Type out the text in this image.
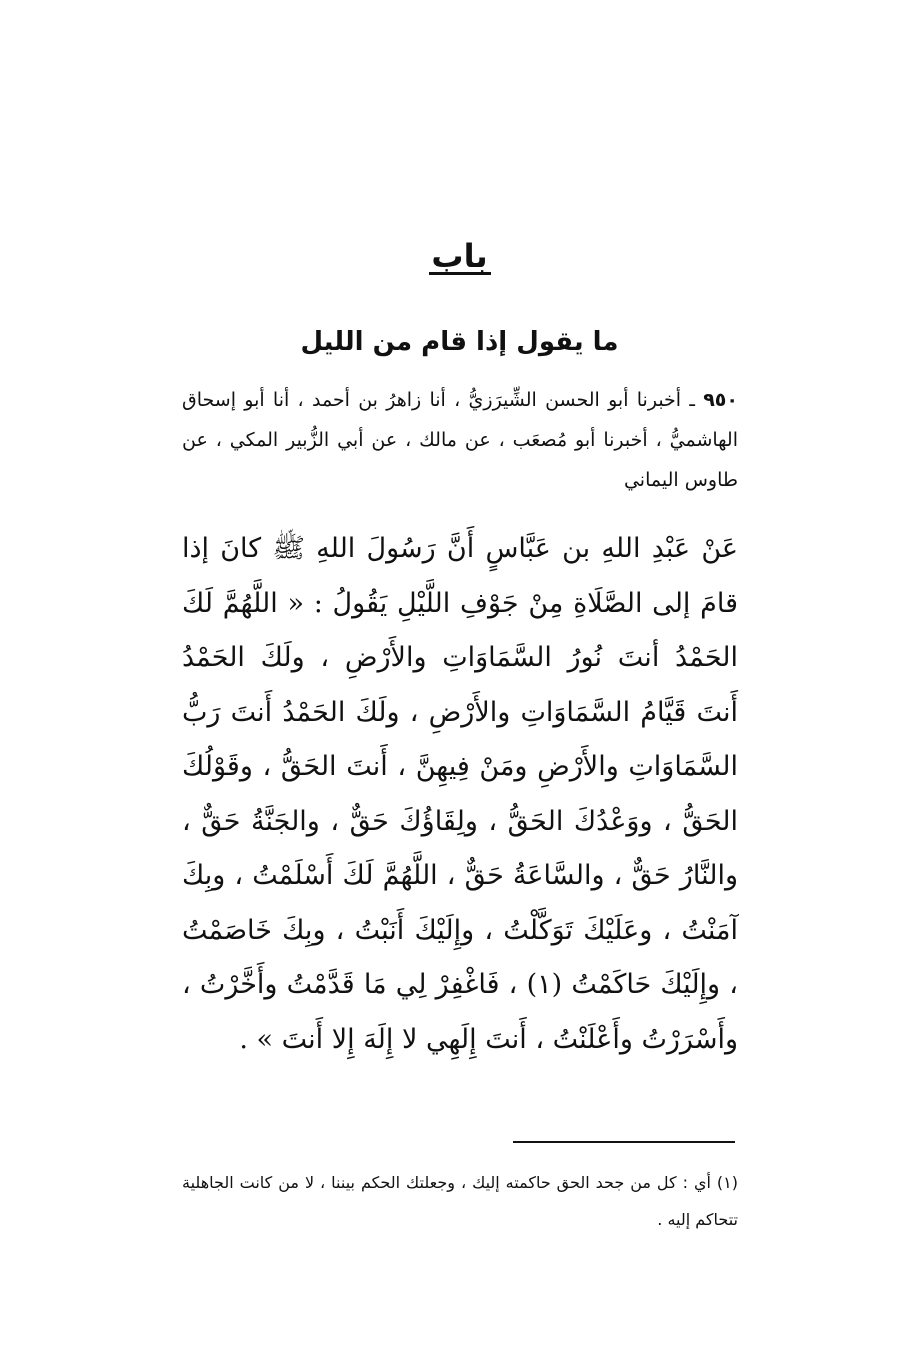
باب
ما يقول إذا قام من الليل
٩٥٠ ـ أخبرنا أبو الحسن الشِّيرَزيُّ ، أنا زاهرُ بن أحمد ، أنا أبو إسحاق الهاشميُّ ، أخبرنا أبو مُصعَب ، عن مالك ، عن أبي الزُّبير المكي ، عن طاوس اليماني
عَنْ عَبْدِ اللهِ بن عَبَّاسٍ أَنَّ رَسُولَ اللهِ ﷺ كانَ إذا قامَ إلى الصَّلَاةِ مِنْ جَوْفِ اللَّيْلِ يَقُولُ : « اللَّهُمَّ لَكَ الحَمْدُ أنتَ نُورُ السَّمَاوَاتِ والأَرْضِ ، ولَكَ الحَمْدُ أَنتَ قَيَّامُ السَّمَاوَاتِ والأَرْضِ ، ولَكَ الحَمْدُ أَنتَ رَبُّ السَّمَاوَاتِ والأَرْضِ ومَنْ فِيهِنَّ ، أَنتَ الحَقُّ ، وقَوْلُكَ الحَقُّ ، ووَعْدُكَ الحَقُّ ، ولِقَاؤُكَ حَقٌّ ، والجَنَّةُ حَقٌّ ، والنَّارُ حَقٌّ ، والسَّاعَةُ حَقٌّ ، اللَّهُمَّ لَكَ أَسْلَمْتُ ، وبِكَ آمَنْتُ ، وعَلَيْكَ تَوَكَّلْتُ ، وإِلَيْكَ أَنَبْتُ ، وبِكَ خَاصَمْتُ ، وإِلَيْكَ حَاكَمْتُ (١) ، فَاغْفِرْ لِي مَا قَدَّمْتُ وأَخَّرْتُ ، وأَسْرَرْتُ وأَعْلَنْتُ ، أَنتَ إِلَهِي لا إِلَهَ إِلا أَنتَ » .
(١) أي : كل من جحد الحق حاكمته إليك ، وجعلتك الحكم بيننا ، لا من كانت الجاهلية تتحاكم إليه .
